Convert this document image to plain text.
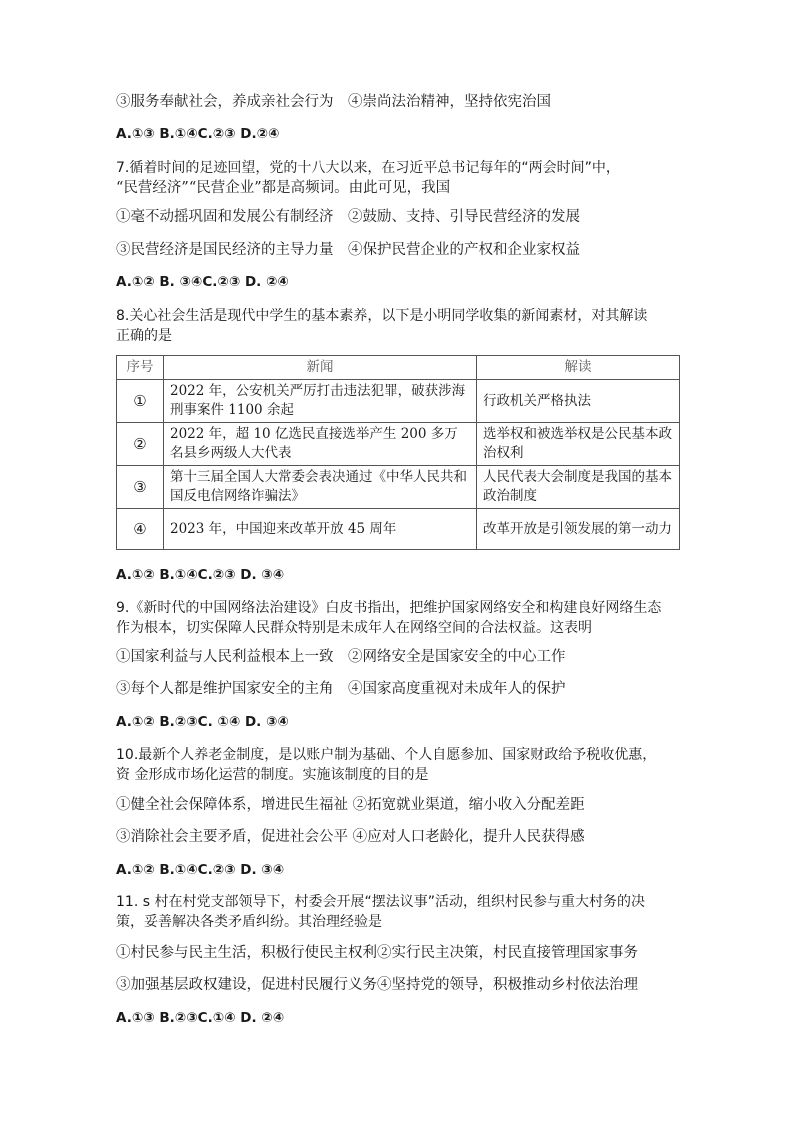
③服务奉献社会，养成亲社会行为　④崇尚法治精神，坚持依宪治国
A.①③ B.①④C.②③ D.②④
7.循着时间的足迹回望，党的十八大以来，在习近平总书记每年的“两会时间”中，
“民营经济”“民营企业”都是高频词。由此可见，我国
①毫不动摇巩固和发展公有制经济　②鼓励、支持、引导民营经济的发展
③民营经济是国民经济的主导力量　④保护民营企业的产权和企业家权益
A.①② B. ③④C.②③ D. ②④
8.关心社会生活是现代中学生的基本素养，以下是小明同学收集的新闻素材，对其解读
正确的是
序号	新闻	解读
①	2022 年，公安机关严厉打击违法犯罪，破获涉海刑事案件 1100 余起	行政机关严格执法
②	2022 年，超 10 亿选民直接选举产生 200 多万名县乡两级人大代表	选举权和被选举权是公民基本政治权利
③	第十三届全国人大常委会表决通过《中华人民共和国反电信网络诈骗法》	人民代表大会制度是我国的基本政治制度
④	2023 年，中国迎来改革开放 45 周年	改革开放是引领发展的第一动力
A.①② B.①④C.②③ D. ③④
9.《新时代的中国网络法治建设》白皮书指出，把维护国家网络安全和构建良好网络生态
作为根本，切实保障人民群众特别是未成年人在网络空间的合法权益。这表明
①国家利益与人民利益根本上一致　②网络安全是国家安全的中心工作
③每个人都是维护国家安全的主角　④国家高度重视对未成年人的保护
A.①② B.②③C. ①④ D. ③④
10.最新个人养老金制度，是以账户制为基础、个人自愿参加、国家财政给予税收优惠，
资 金形成市场化运营的制度。实施该制度的目的是
①健全社会保障体系，增进民生福祉 ②拓宽就业渠道，缩小收入分配差距
③消除社会主要矛盾，促进社会公平 ④应对人口老龄化，提升人民获得感
A.①② B.①④C.②③ D. ③④
11. s 村在村党支部领导下，村委会开展“摆法议事”活动，组织村民参与重大村务的决
策，妥善解决各类矛盾纠纷。其治理经验是
①村民参与民主生活，积极行使民主权利②实行民主决策，村民直接管理国家事务
③加强基层政权建设，促进村民履行义务④坚持党的领导，积极推动乡村依法治理
A.①③ B.②③C.①④ D. ②④
